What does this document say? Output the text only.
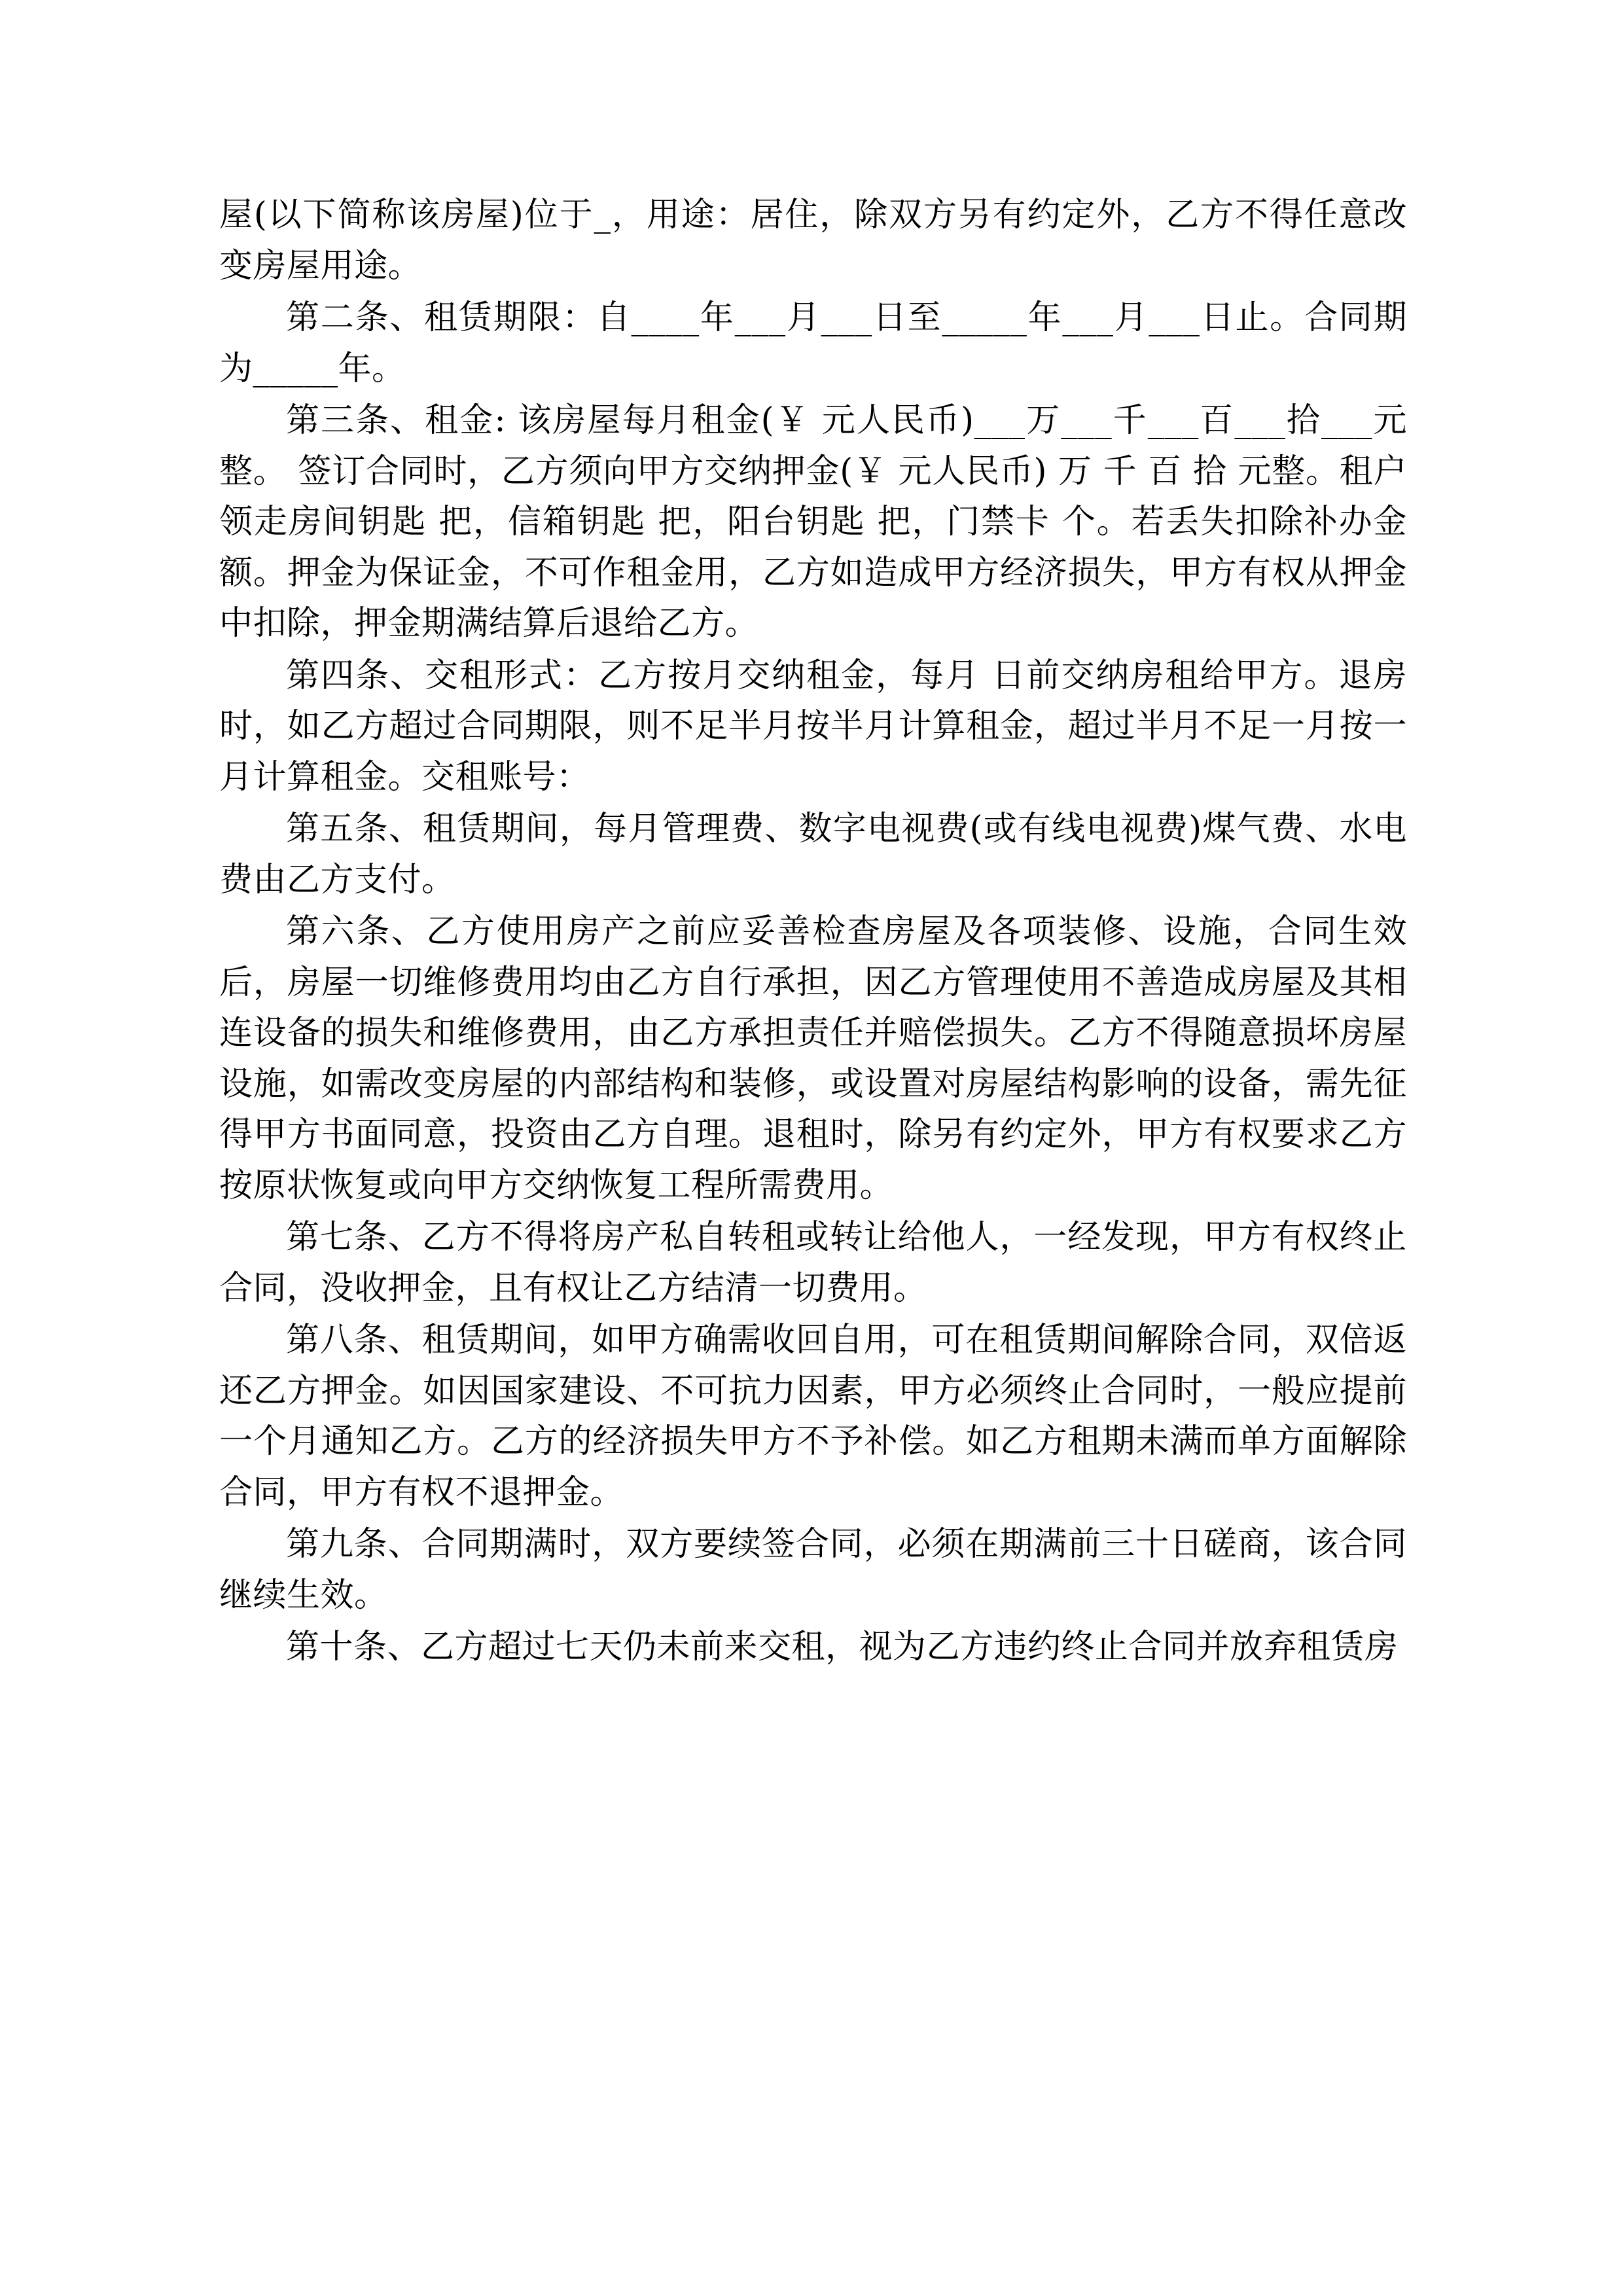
屋(以下简称该房屋)位于_，用途：居住，除双方另有约定外，乙方不得任意改变房屋用途。

第二条、租赁期限：自____年___月___日至_____年___月___日止。合同期为_____年。

第三条、租金: 该房屋每月租金(￥ 元人民币)___万___千___百___拾___元整。 签订合同时，乙方须向甲方交纳押金(￥ 元人民币) 万 千 百 拾 元整。租户领走房间钥匙 把，信箱钥匙 把，阳台钥匙 把，门禁卡 个。若丢失扣除补办金额。押金为保证金，不可作租金用，乙方如造成甲方经济损失，甲方有权从押金中扣除，押金期满结算后退给乙方。

第四条、交租形式：乙方按月交纳租金，每月 日前交纳房租给甲方。退房时，如乙方超过合同期限，则不足半月按半月计算租金，超过半月不足一月按一月计算租金。交租账号：

第五条、租赁期间，每月管理费、数字电视费(或有线电视费)煤气费、水电费由乙方支付。

第六条、乙方使用房产之前应妥善检查房屋及各项装修、设施，合同生效后，房屋一切维修费用均由乙方自行承担，因乙方管理使用不善造成房屋及其相连设备的损失和维修费用，由乙方承担责任并赔偿损失。乙方不得随意损坏房屋设施，如需改变房屋的内部结构和装修，或设置对房屋结构影响的设备，需先征得甲方书面同意，投资由乙方自理。退租时，除另有约定外，甲方有权要求乙方按原状恢复或向甲方交纳恢复工程所需费用。

第七条、乙方不得将房产私自转租或转让给他人，一经发现，甲方有权终止合同，没收押金，且有权让乙方结清一切费用。

第八条、租赁期间，如甲方确需收回自用，可在租赁期间解除合同，双倍返还乙方押金。如因国家建设、不可抗力因素，甲方必须终止合同时，一般应提前一个月通知乙方。乙方的经济损失甲方不予补偿。如乙方租期未满而单方面解除合同，甲方有权不退押金。

第九条、合同期满时，双方要续签合同，必须在期满前三十日磋商，该合同继续生效。

第十条、乙方超过七天仍未前来交租，视为乙方违约终止合同并放弃租赁房
